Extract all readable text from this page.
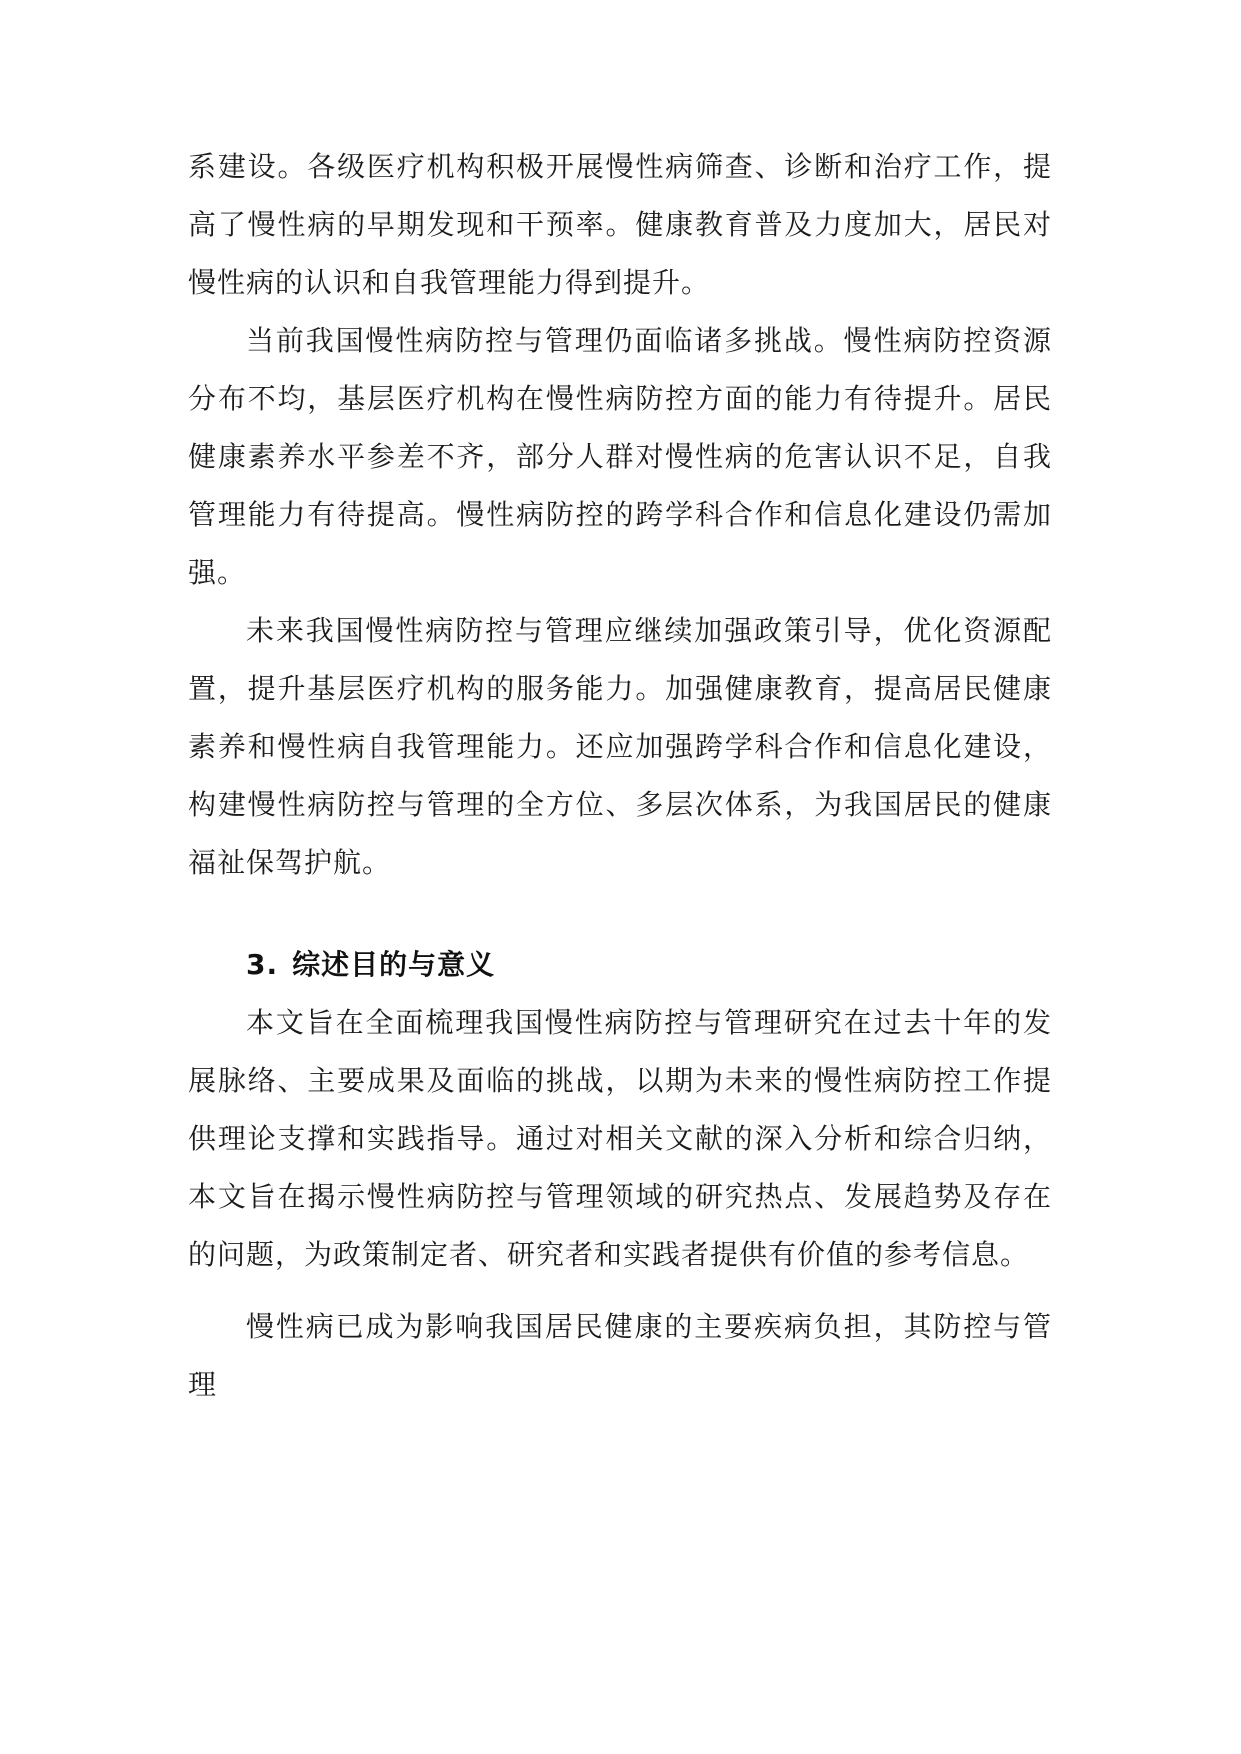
系建设。各级医疗机构积极开展慢性病筛查、诊断和治疗工作，提高了慢性病的早期发现和干预率。健康教育普及力度加大，居民对慢性病的认识和自我管理能力得到提升。

当前我国慢性病防控与管理仍面临诸多挑战。慢性病防控资源分布不均，基层医疗机构在慢性病防控方面的能力有待提升。居民健康素养水平参差不齐，部分人群对慢性病的危害认识不足，自我管理能力有待提高。慢性病防控的跨学科合作和信息化建设仍需加强。

未来我国慢性病防控与管理应继续加强政策引导，优化资源配置，提升基层医疗机构的服务能力。加强健康教育，提高居民健康素养和慢性病自我管理能力。还应加强跨学科合作和信息化建设，构建慢性病防控与管理的全方位、多层次体系，为我国居民的健康福祉保驾护航。

3. 综述目的与意义

本文旨在全面梳理我国慢性病防控与管理研究在过去十年的发展脉络、主要成果及面临的挑战，以期为未来的慢性病防控工作提供理论支撑和实践指导。通过对相关文献的深入分析和综合归纳，本文旨在揭示慢性病防控与管理领域的研究热点、发展趋势及存在的问题，为政策制定者、研究者和实践者提供有价值的参考信息。

慢性病已成为影响我国居民健康的主要疾病负担，其防控与管理
